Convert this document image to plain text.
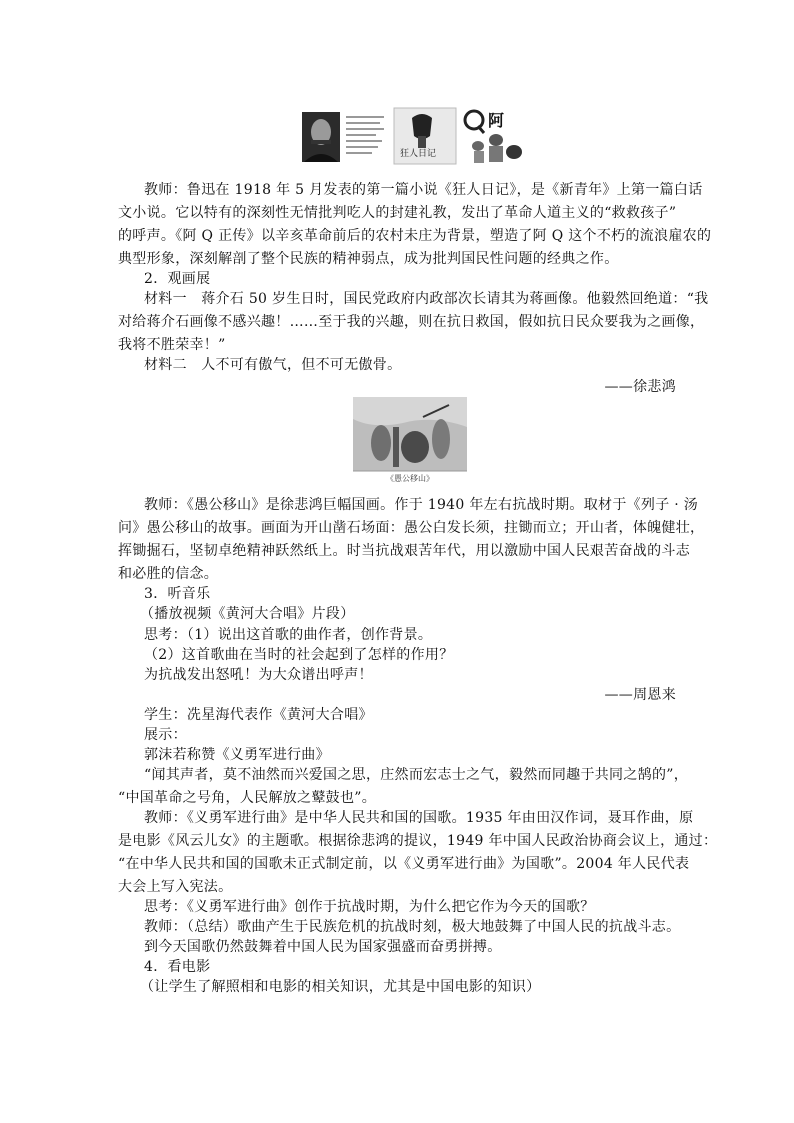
狂人日记
阿
教师：鲁迅在 1918 年 5 月发表的第一篇小说《狂人日记》，是《新青年》上第一篇白话
文小说。它以特有的深刻性无情批判吃人的封建礼教，发出了革命人道主义的“救救孩子”
的呼声。《阿 Q 正传》以辛亥革命前后的农村未庄为背景，塑造了阿 Q 这个不朽的流浪雇农的
典型形象，深刻解剖了整个民族的精神弱点，成为批判国民性问题的经典之作。
2．观画展
材料一　蒋介石 50 岁生日时，国民党政府内政部次长请其为蒋画像。他毅然回绝道：“我
对给蒋介石画像不感兴趣！……至于我的兴趣，则在抗日救国，假如抗日民众要我为之画像，
我将不胜荣幸！”
材料二　人不可有傲气，但不可无傲骨。
——徐悲鸿
《愚公移山》
教师：《愚公移山》是徐悲鸿巨幅国画。作于 1940 年左右抗战时期。取材于《列子 · 汤
问》愚公移山的故事。画面为开山凿石场面：愚公白发长须，拄锄而立；开山者，体魄健壮，
挥锄掘石，坚韧卓绝精神跃然纸上。时当抗战艰苦年代，用以激励中国人民艰苦奋战的斗志
和必胜的信念。
3．听音乐
（播放视频《黄河大合唱》片段）
思考：（1）说出这首歌的曲作者，创作背景。
（2）这首歌曲在当时的社会起到了怎样的作用？
为抗战发出怒吼！为大众谱出呼声！
——周恩来
学生：冼星海代表作《黄河大合唱》
展示：
郭沫若称赞《义勇军进行曲》
“闻其声者，莫不油然而兴爱国之思，庄然而宏志士之气，毅然而同趣于共同之鹄的”，
“中国革命之号角，人民解放之鼙鼓也”。
教师：《义勇军进行曲》是中华人民共和国的国歌。1935 年由田汉作词，聂耳作曲，原
是电影《风云儿女》的主题歌。根据徐悲鸿的提议，1949 年中国人民政治协商会议上，通过：
“在中华人民共和国的国歌未正式制定前，以《义勇军进行曲》为国歌”。2004 年人民代表
大会上写入宪法。
思考：《义勇军进行曲》创作于抗战时期，为什么把它作为今天的国歌？
教师：（总结）歌曲产生于民族危机的抗战时刻，极大地鼓舞了中国人民的抗战斗志。
到今天国歌仍然鼓舞着中国人民为国家强盛而奋勇拼搏。
4．看电影
（让学生了解照相和电影的相关知识，尤其是中国电影的知识）
